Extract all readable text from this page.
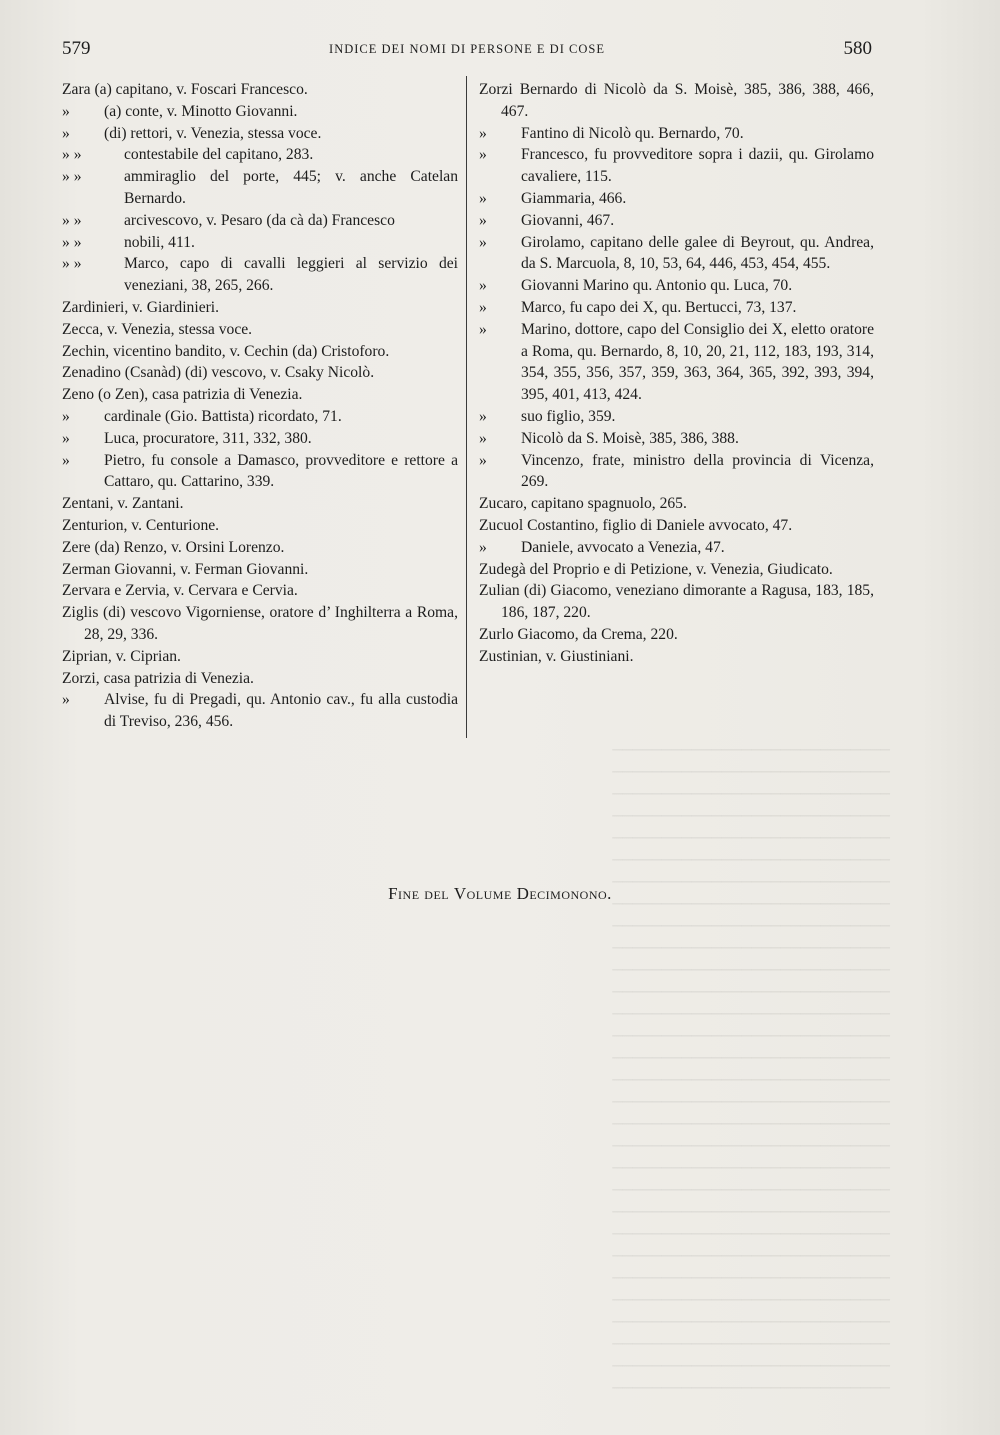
────────────────────────────
────────────────────────────
────────────────────────────
────────────────────────────
────────────────────────────
────────────────────────────
────────────────────────────
────────────────────────────
────────────────────────────
────────────────────────────
────────────────────────────
────────────────────────────
────────────────────────────
────────────────────────────
────────────────────────────
────────────────────────────
────────────────────────────
────────────────────────────
────────────────────────────
────────────────────────────
────────────────────────────
────────────────────────────
────────────────────────────
────────────────────────────
────────────────────────────
────────────────────────────
────────────────────────────
────────────────────────────
────────────────────────────
────────────────────────────
579	INDICE DEI NOMI DI PERSONE E DI COSE	580
Zara (a) capitano, v. Foscari Francesco.
» (a) conte, v. Minotto Giovanni.
» (di) rettori, v. Venezia, stessa voce.
» »	contestabile del capitano, 283.
» »	ammiraglio del porte, 445; v. anche Catelan Bernardo.
» »	arcivescovo, v. Pesaro (da cà da) Francesco
» »	nobili, 411.
» »	Marco, capo di cavalli leggieri al servizio dei veneziani, 38, 265, 266.
Zardinieri, v. Giardinieri.
Zecca, v. Venezia, stessa voce.
Zechin, vicentino bandito, v. Cechin (da) Cristoforo.
Zenadino (Csanàd) (di) vescovo, v. Csaky Nicolò.
Zeno (o Zen), casa patrizia di Venezia.
» cardinale (Gio. Battista) ricordato, 71.
» Luca, procuratore, 311, 332, 380.
» Pietro, fu console a Damasco, provveditore e rettore a Cattaro, qu. Cattarino, 339.
Zentani, v. Zantani.
Zenturion, v. Centurione.
Zere (da) Renzo, v. Orsini Lorenzo.
Zerman Giovanni, v. Ferman Giovanni.
Zervara e Zervia, v. Cervara e Cervia.
Ziglis (di) vescovo Vigorniense, oratore d’ Inghilterra a Roma, 28, 29, 336.
Ziprian, v. Ciprian.
Zorzi, casa patrizia di Venezia.
» Alvise, fu di Pregadi, qu. Antonio cav., fu alla custodia di Treviso, 236, 456.
Zorzi Bernardo di Nicolò da S. Moisè, 385, 386, 388, 466, 467.
» Fantino di Nicolò qu. Bernardo, 70.
» Francesco, fu provveditore sopra i dazii, qu. Girolamo cavaliere, 115.
» Giammaria, 466.
» Giovanni, 467.
» Girolamo, capitano delle galee di Beyrout, qu. Andrea, da S. Marcuola, 8, 10, 53, 64, 446, 453, 454, 455.
» Giovanni Marino qu. Antonio qu. Luca, 70.
» Marco, fu capo dei X, qu. Bertucci, 73, 137.
» Marino, dottore, capo del Consiglio dei X, eletto oratore a Roma, qu. Bernardo, 8, 10, 20, 21, 112, 183, 193, 314, 354, 355, 356, 357, 359, 363, 364, 365, 392, 393, 394, 395, 401, 413, 424.
» suo figlio, 359.
» Nicolò da S. Moisè, 385, 386, 388.
» Vincenzo, frate, ministro della provincia di Vicenza, 269.
Zucaro, capitano spagnuolo, 265.
Zucuol Costantino, figlio di Daniele avvocato, 47.
» Daniele, avvocato a Venezia, 47.
Zudegà del Proprio e di Petizione, v. Venezia, Giudicato.
Zulian (di) Giacomo, veneziano dimorante a Ragusa, 183, 185, 186, 187, 220.
Zurlo Giacomo, da Crema, 220.
Zustinian, v. Giustiniani.
Fine del Volume Decimonono.
